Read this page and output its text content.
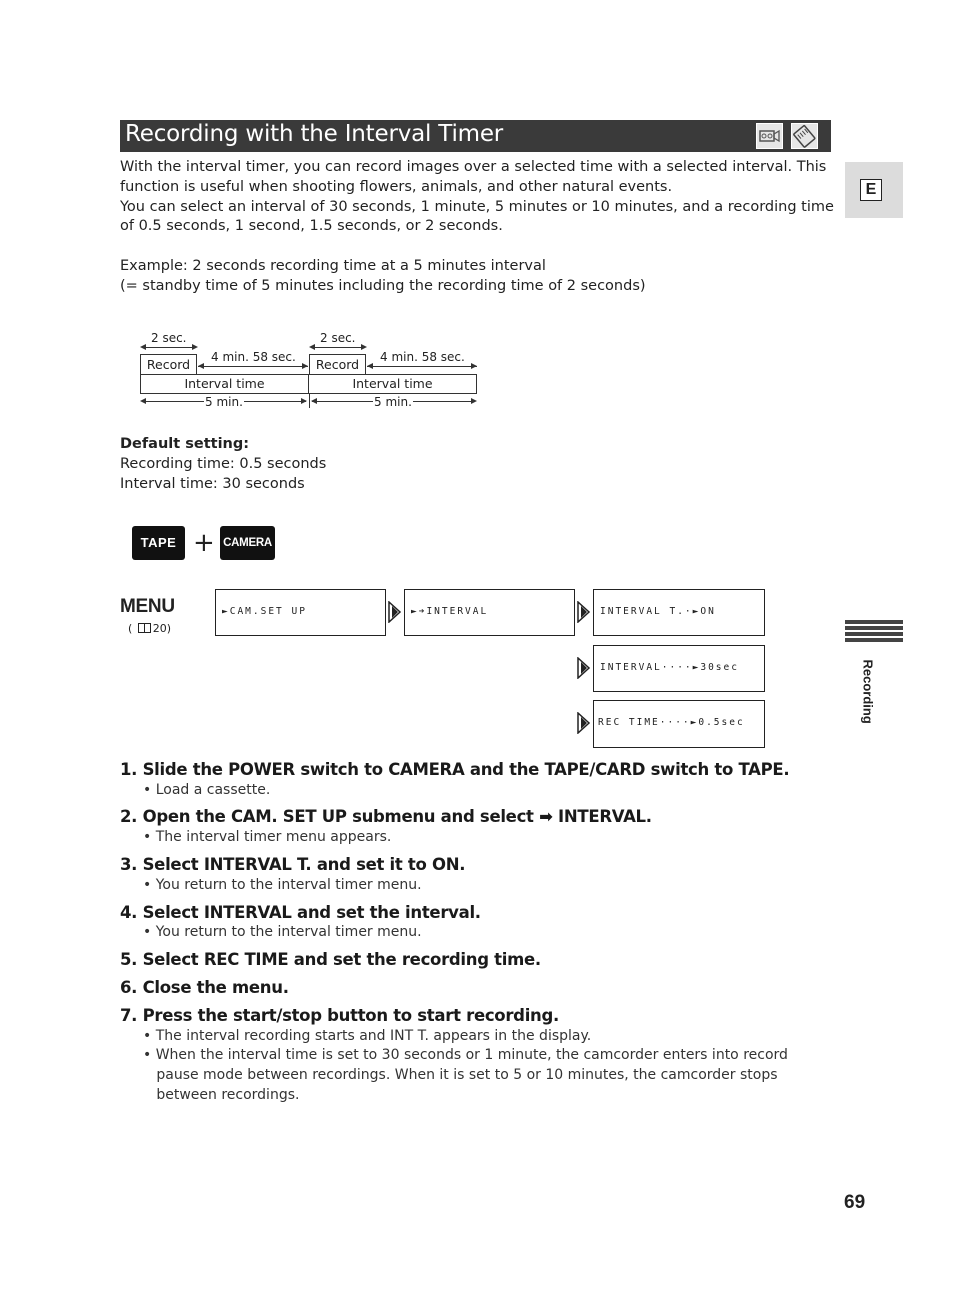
Recording with the Interval Timer
E
Recording
With the interval timer, you can record images over a selected time with a selected interval. This
function is useful when shooting flowers, animals, and other natural events.
You can select an interval of 30 seconds, 1 minute, 5 minutes or 10 minutes, and a recording time
of 0.5 seconds, 1 second, 1.5 seconds, or 2 seconds.
Example: 2 seconds recording time at a 5 minutes interval
(= standby time of 5 minutes including the recording time of 2 seconds)
2 sec.	2 sec.
4 min. 58 sec.	4 min. 58 sec.
Record	Record
Interval time	Interval time
5 min.	5 min.
Default setting:
Recording time: 0.5 seconds
Interval time: 30 seconds
TAPE + CAMERA
MENU
( 20)
►CAM.SET UP	►➔INTERVAL	INTERVAL T.·►ON
INTERVAL····►30sec
REC TIME····►0.5sec
1. Slide the POWER switch to CAMERA and the TAPE/CARD switch to TAPE.
• Load a cassette.
2. Open the CAM. SET UP submenu and select ➡ INTERVAL.
• The interval timer menu appears.
3. Select INTERVAL T. and set it to ON.
• You return to the interval timer menu.
4. Select INTERVAL and set the interval.
• You return to the interval timer menu.
5. Select REC TIME and set the recording time.
6. Close the menu.
7. Press the start/stop button to start recording.
• The interval recording starts and INT T. appears in the display.
• When the interval time is set to 30 seconds or 1 minute, the camcorder enters into record
pause mode between recordings. When it is set to 5 or 10 minutes, the camcorder stops
between recordings.
69
